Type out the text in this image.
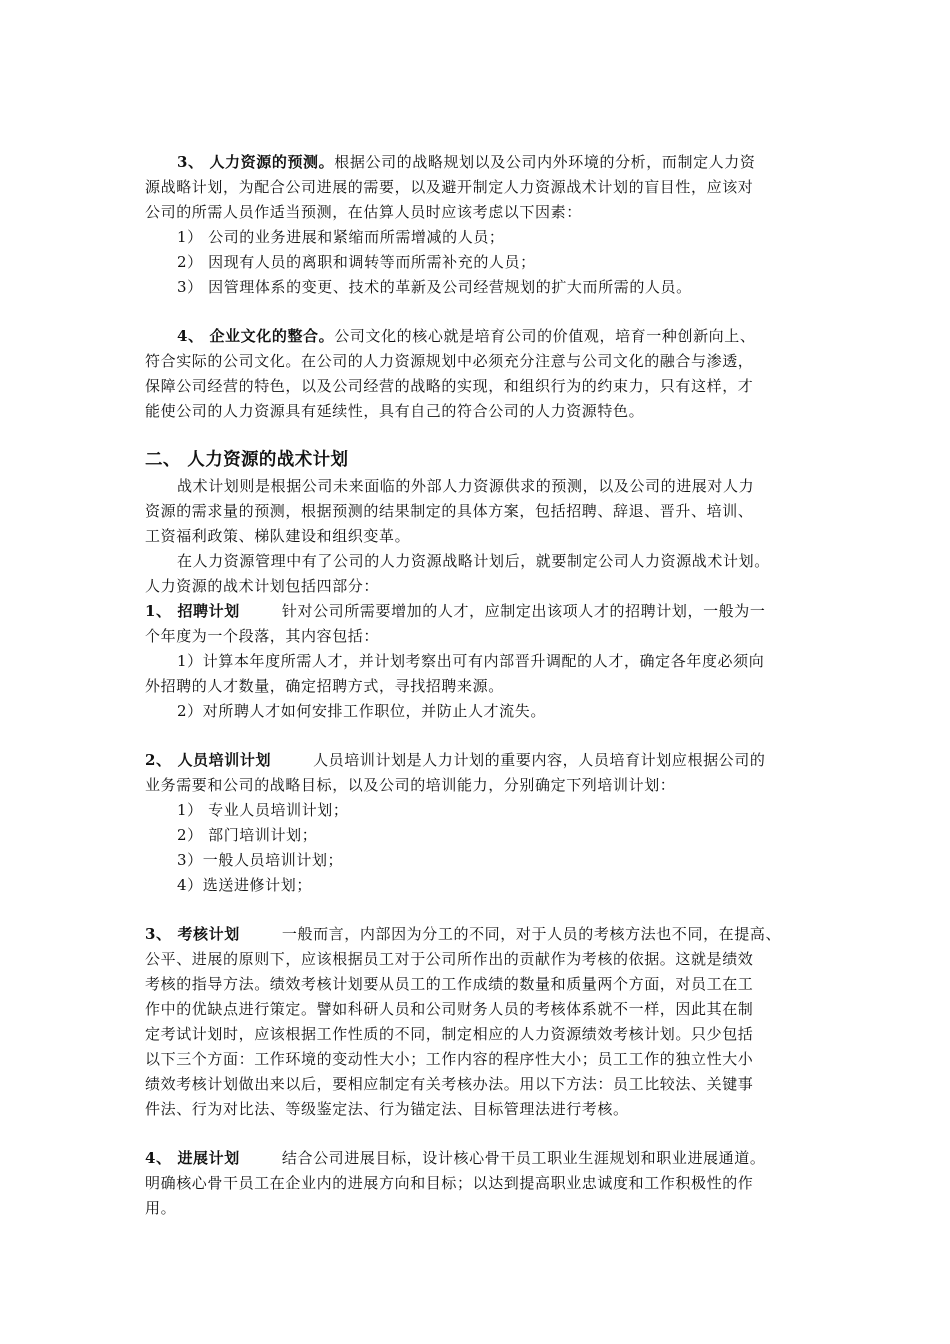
3、 人力资源的预测。根据公司的战略规划以及公司内外环境的分析，而制定人力资
源战略计划，为配合公司进展的需要，以及避开制定人力资源战术计划的盲目性，应该对
公司的所需人员作适当预测，在估算人员时应该考虑以下因素：
1） 公司的业务进展和紧缩而所需增减的人员；
2） 因现有人员的离职和调转等而所需补充的人员；
3） 因管理体系的变更、技术的革新及公司经营规划的扩大而所需的人员。
4、 企业文化的整合。公司文化的核心就是培育公司的价值观，培育一种创新向上、
符合实际的公司文化。在公司的人力资源规划中必须充分注意与公司文化的融合与渗透，
保障公司经营的特色，以及公司经营的战略的实现，和组织行为的约束力，只有这样，才
能使公司的人力资源具有延续性，具有自己的符合公司的人力资源特色。
二、 人力资源的战术计划
战术计划则是根据公司未来面临的外部人力资源供求的预测，以及公司的进展对人力
资源的需求量的预测，根据预测的结果制定的具体方案，包括招聘、辞退、晋升、培训、
工资福利政策、梯队建设和组织变革。
在人力资源管理中有了公司的人力资源战略计划后，就要制定公司人力资源战术计划。
人力资源的战术计划包括四部分：
1、 招聘计划	针对公司所需要增加的人才，应制定出该项人才的招聘计划，一般为一
个年度为一个段落，其内容包括：
1）计算本年度所需人才，并计划考察出可有内部晋升调配的人才，确定各年度必须向
外招聘的人才数量，确定招聘方式，寻找招聘来源。
2）对所聘人才如何安排工作职位，并防止人才流失。
2、 人员培训计划	人员培训计划是人力计划的重要内容，人员培育计划应根据公司的
业务需要和公司的战略目标，以及公司的培训能力，分别确定下列培训计划：
1） 专业人员培训计划；
2） 部门培训计划；
3）一般人员培训计划；
4）选送进修计划；
3、 考核计划	一般而言，内部因为分工的不同，对于人员的考核方法也不同，在提高、
公平、进展的原则下，应该根据员工对于公司所作出的贡献作为考核的依据。这就是绩效
考核的指导方法。绩效考核计划要从员工的工作成绩的数量和质量两个方面，对员工在工
作中的优缺点进行策定。譬如科研人员和公司财务人员的考核体系就不一样，因此其在制
定考试计划时，应该根据工作性质的不同，制定相应的人力资源绩效考核计划。只少包括
以下三个方面：工作环境的变动性大小；工作内容的程序性大小；员工工作的独立性大小
绩效考核计划做出来以后，要相应制定有关考核办法。用以下方法：员工比较法、关键事
件法、行为对比法、等级鉴定法、行为锚定法、目标管理法进行考核。
4、 进展计划	结合公司进展目标，设计核心骨干员工职业生涯规划和职业进展通道。
明确核心骨干员工在企业内的进展方向和目标；以达到提高职业忠诚度和工作积极性的作
用。
